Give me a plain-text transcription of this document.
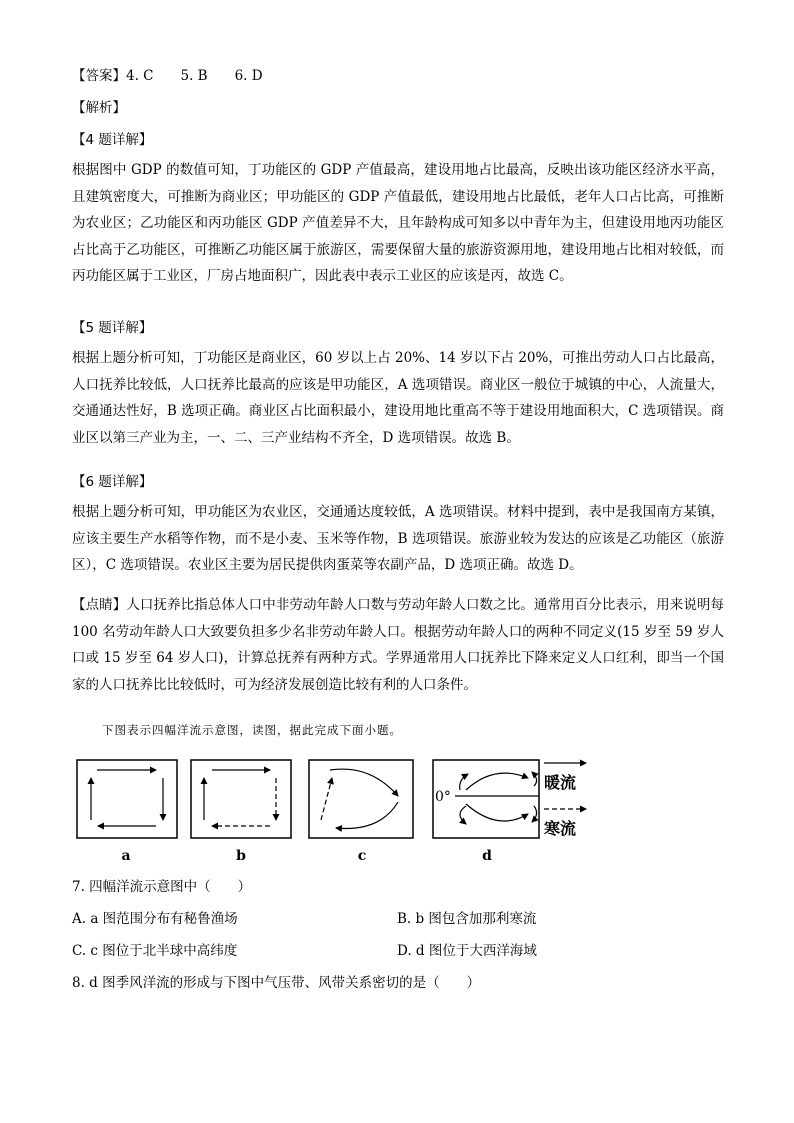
【答案】4. C　　5. B　　6. D
【解析】
【4 题详解】
根据图中 GDP 的数值可知，丁功能区的 GDP 产值最高，建设用地占比最高，反映出该功能区经济水平高，且建筑密度大，可推断为商业区；甲功能区的 GDP 产值最低，建设用地占比最低，老年人口占比高，可推断为农业区；乙功能区和丙功能区 GDP 产值差异不大，且年龄构成可知多以中青年为主，但建设用地丙功能区占比高于乙功能区，可推断乙功能区属于旅游区，需要保留大量的旅游资源用地，建设用地占比相对较低，而丙功能区属于工业区，厂房占地面积广，因此表中表示工业区的应该是丙，故选 C。
【5 题详解】
根据上题分析可知，丁功能区是商业区，60 岁以上占 20%、14 岁以下占 20%，可推出劳动人口占比最高，人口抚养比较低，人口抚养比最高的应该是甲功能区，A 选项错误。商业区一般位于城镇的中心，人流量大，交通通达性好，B 选项正确。商业区占比面积最小，建设用地比重高不等于建设用地面积大，C 选项错误。商业区以第三产业为主，一、二、三产业结构不齐全，D 选项错误。故选 B。
【6 题详解】
根据上题分析可知，甲功能区为农业区，交通通达度较低，A 选项错误。材料中提到，表中是我国南方某镇，应该主要生产水稻等作物，而不是小麦、玉米等作物，B 选项错误。旅游业较为发达的应该是乙功能区（旅游区），C 选项错误。农业区主要为居民提供肉蛋菜等农副产品，D 选项正确。故选 D。
【点睛】人口抚养比指总体人口中非劳动年龄人口数与劳动年龄人口数之比。通常用百分比表示，用来说明每 100 名劳动年龄人口大致要负担多少名非劳动年龄人口。根据劳动年龄人口的两种不同定义(15 岁至 59 岁人口或 15 岁至 64 岁人口)，计算总抚养有两种方式。学界通常用人口抚养比下降来定义人口红利，即当一个国家的人口抚养比比较低时，可为经济发展创造比较有利的人口条件。
下图表示四幅洋流示意图，读图，据此完成下面小题。
0°
暖流
寒流
a	b	c	d
7. 四幅洋流示意图中（　　）
A. a 图范围分布有秘鲁渔场	B. b 图包含加那利寒流
C. c 图位于北半球中高纬度	D. d 图位于大西洋海域
8. d 图季风洋流的形成与下图中气压带、风带关系密切的是（　　）
